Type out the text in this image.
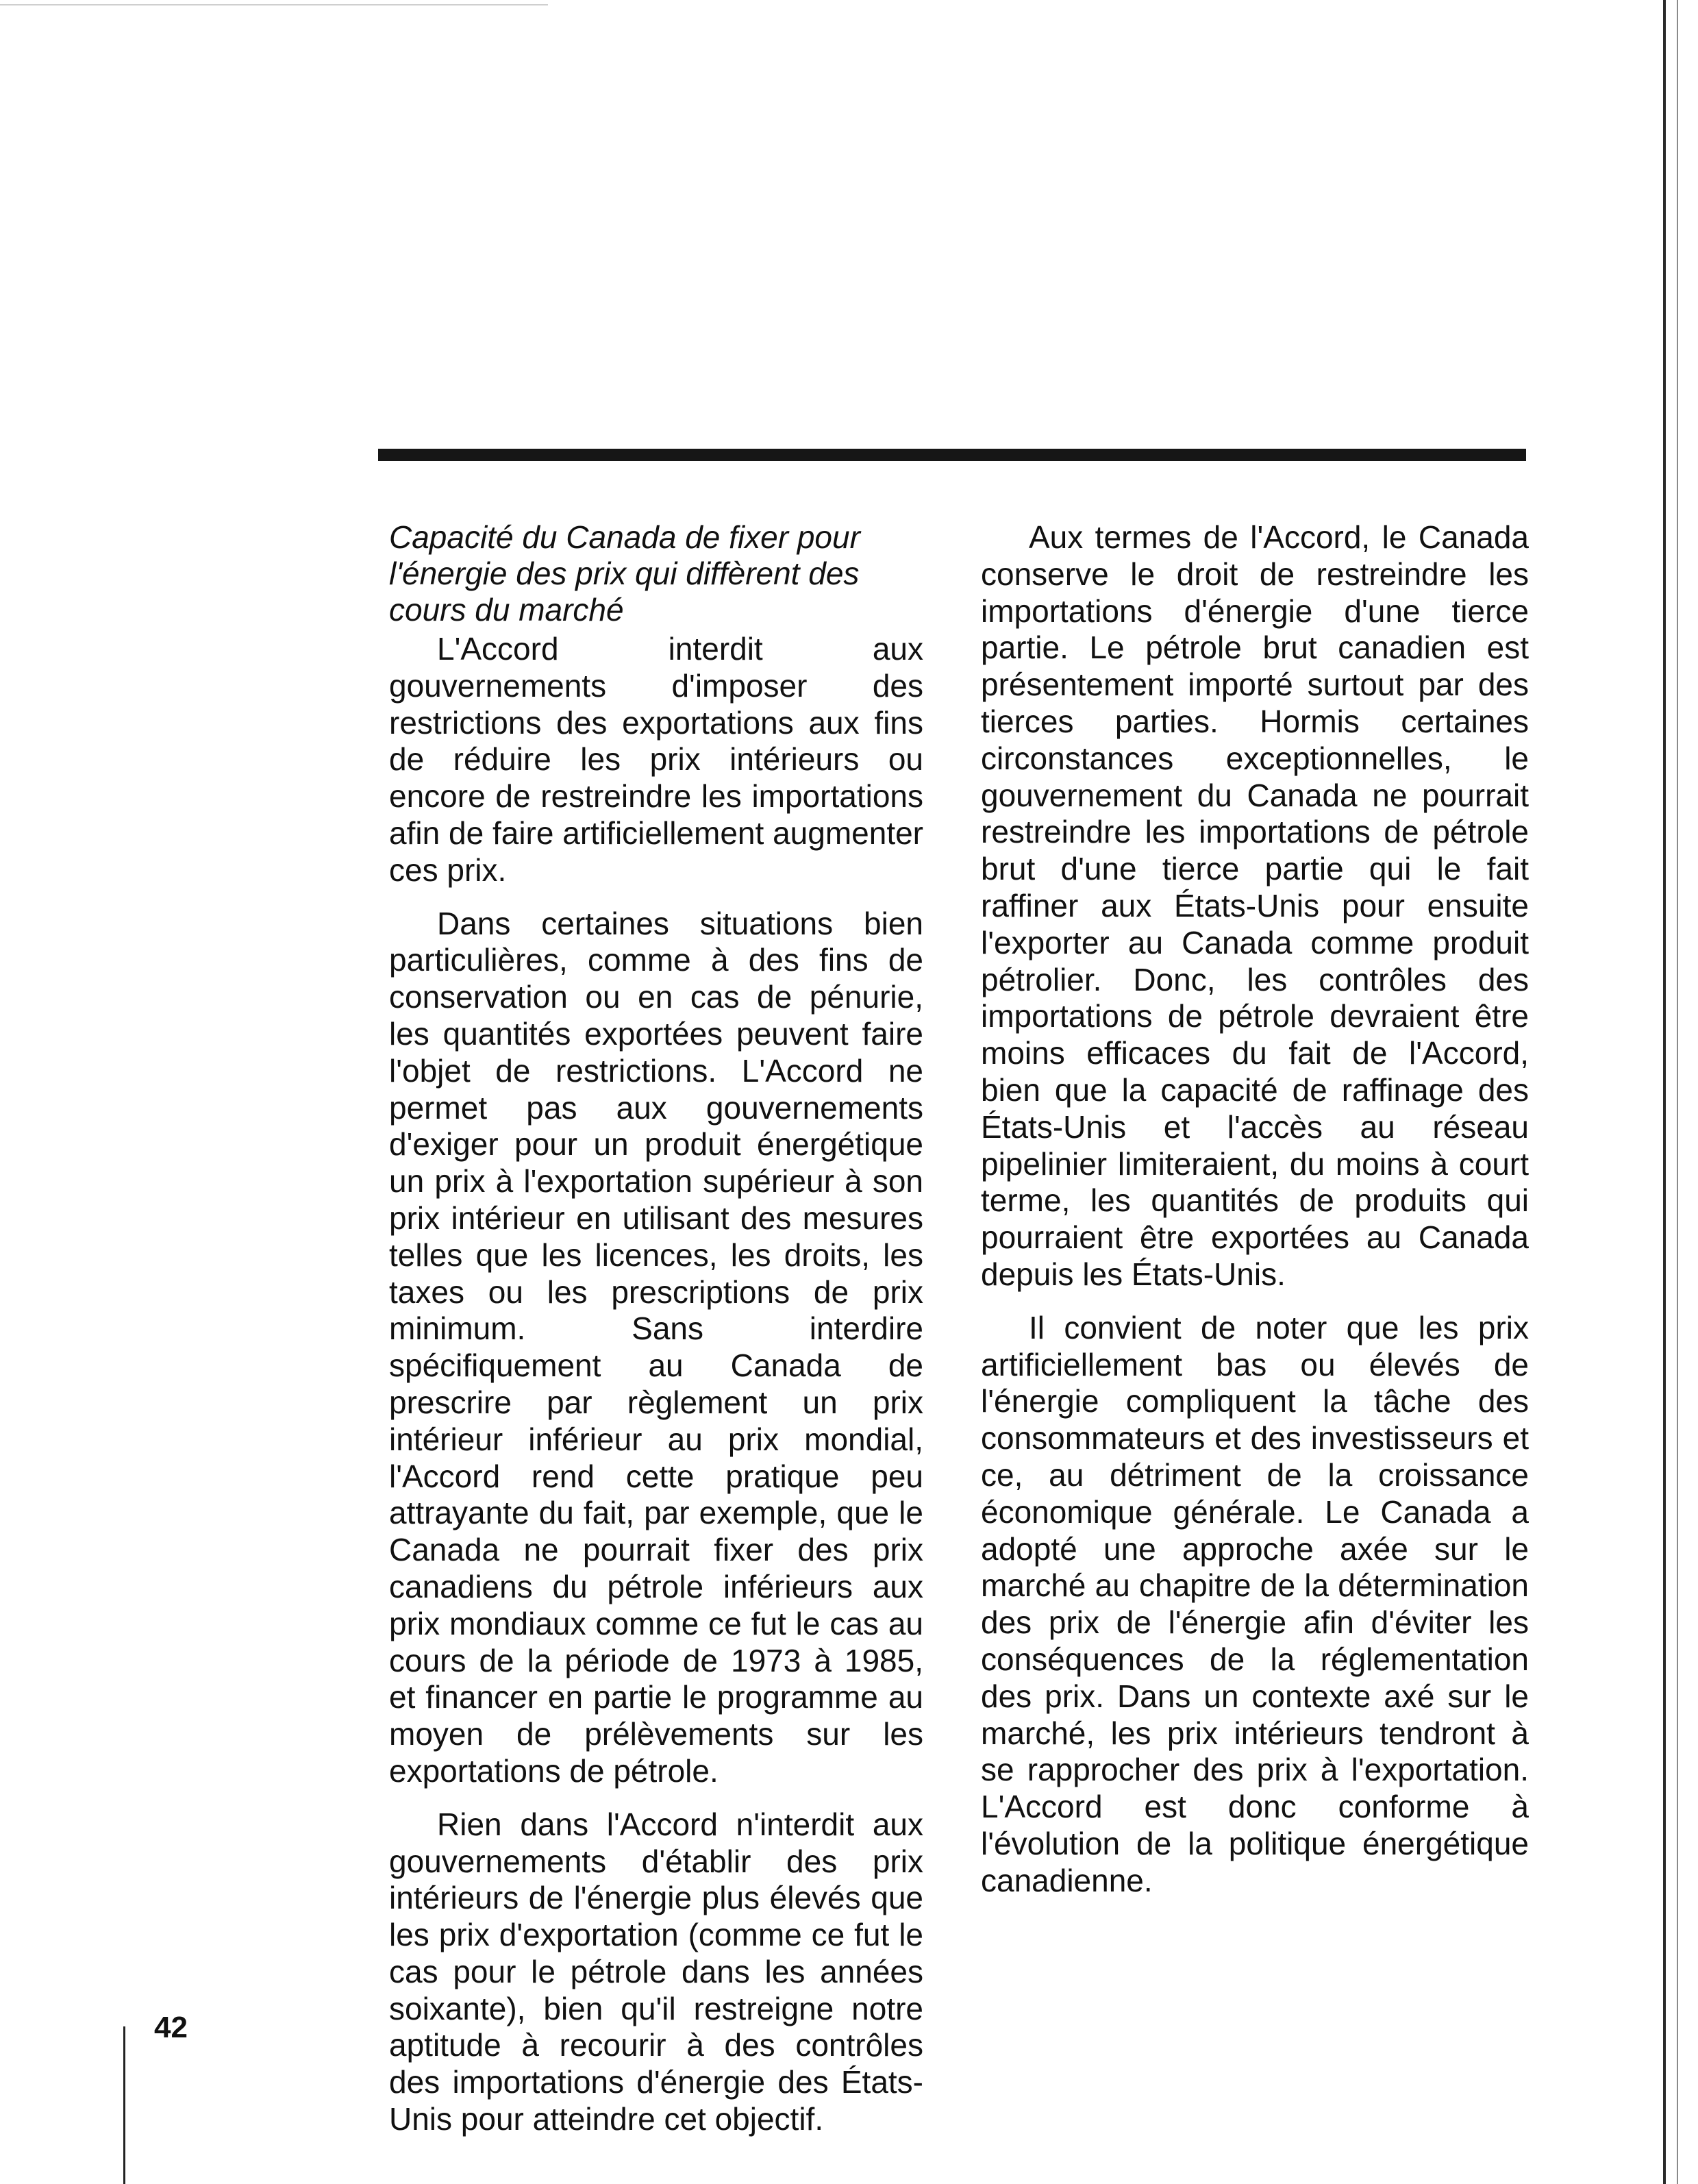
Capacité du Canada de fixer pour l'énergie des prix qui diffèrent des cours du marché

L'Accord interdit aux gouvernements d'imposer des restrictions des exportations aux fins de réduire les prix intérieurs ou encore de restreindre les importations afin de faire artificiellement augmenter ces prix.

Dans certaines situations bien particulières, comme à des fins de conservation ou en cas de pénurie, les quantités exportées peuvent faire l'objet de restrictions. L'Accord ne permet pas aux gouvernements d'exiger pour un produit énergétique un prix à l'exportation supérieur à son prix intérieur en utilisant des mesures telles que les licences, les droits, les taxes ou les prescriptions de prix minimum. Sans interdire spécifiquement au Canada de prescrire par règlement un prix intérieur inférieur au prix mondial, l'Accord rend cette pratique peu attrayante du fait, par exemple, que le Canada ne pourrait fixer des prix canadiens du pétrole inférieurs aux prix mondiaux comme ce fut le cas au cours de la période de 1973 à 1985, et financer en partie le programme au moyen de prélèvements sur les exportations de pétrole.

Rien dans l'Accord n'interdit aux gouvernements d'établir des prix intérieurs de l'énergie plus élevés que les prix d'exportation (comme ce fut le cas pour le pétrole dans les années soixante), bien qu'il restreigne notre aptitude à recourir à des contrôles des importations d'énergie des États-Unis pour atteindre cet objectif.

Aux termes de l'Accord, le Canada conserve le droit de restreindre les importations d'énergie d'une tierce partie. Le pétrole brut canadien est présentement importé surtout par des tierces parties. Hormis certaines circonstances exceptionnelles, le gouvernement du Canada ne pourrait restreindre les importations de pétrole brut d'une tierce partie qui le fait raffiner aux États-Unis pour ensuite l'exporter au Canada comme produit pétrolier. Donc, les contrôles des importations de pétrole devraient être moins efficaces du fait de l'Accord, bien que la capacité de raffinage des États-Unis et l'accès au réseau pipelinier limiteraient, du moins à court terme, les quantités de produits qui pourraient être exportées au Canada depuis les États-Unis.

Il convient de noter que les prix artificiellement bas ou élevés de l'énergie compliquent la tâche des consommateurs et des investisseurs et ce, au détriment de la croissance économique générale. Le Canada a adopté une approche axée sur le marché au chapitre de la détermination des prix de l'énergie afin d'éviter les conséquences de la réglementation des prix. Dans un contexte axé sur le marché, les prix intérieurs tendront à se rapprocher des prix à l'exportation. L'Accord est donc conforme à l'évolution de la politique énergétique canadienne.

42
